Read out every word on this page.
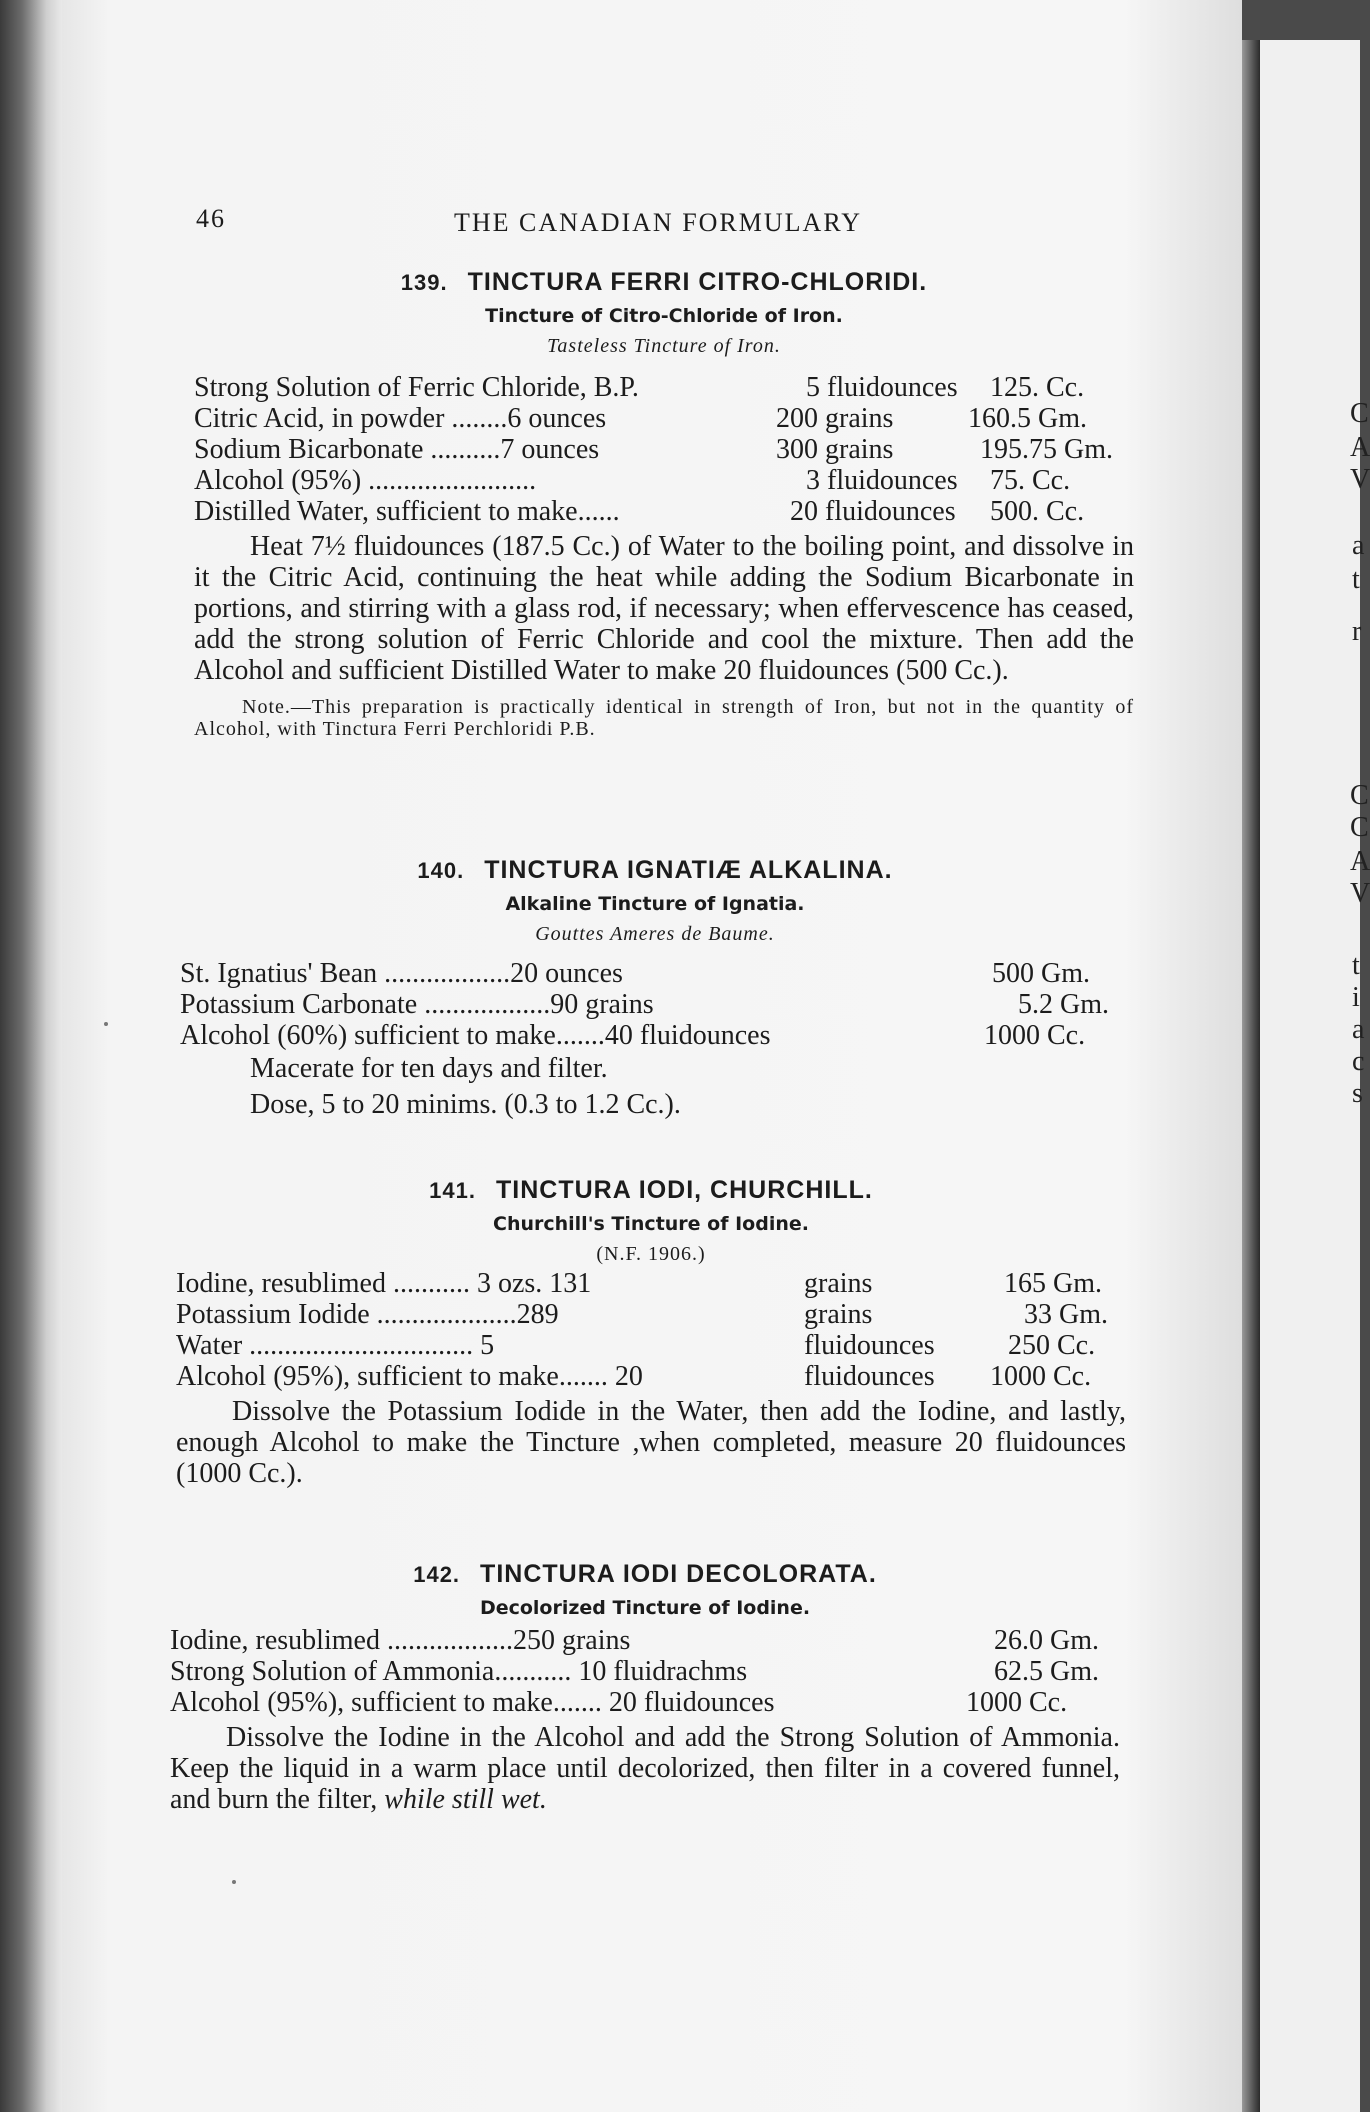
C
A
V
a
t
r
C
C
A
V
t
i
a
c
s
46	THE CANADIAN FORMULARY
139. TINCTURA FERRI CITRO-CHLORIDI.
Tincture of Citro-Chloride of Iron.
Tasteless Tincture of Iron.
Strong Solution of Ferric Chloride, B.P.	5 fluidounces 125. Cc.
Citric Acid, in powder ........6 ounces	200 grains	160.5 Gm.
Sodium Bicarbonate ..........7 ounces	300 grains	195.75 Gm.
Alcohol (95%) ........................	3 fluidounces 75. Cc.
Distilled Water, sufficient to make......	20 fluidounces 500. Cc.
Heat 7½ fluidounces (187.5 Cc.) of Water to the boiling point, and dissolve in it the Citric Acid, continuing the heat while adding the Sodium Bicarbonate in portions, and stirring with a glass rod, if necessary; when effervescence has ceased, add the strong solution of Ferric Chloride and cool the mixture. Then add the Alcohol and sufficient Distilled Water to make 20 fluidounces (500 Cc.).
Note.—This preparation is practically identical in strength of Iron, but not in the quantity of Alcohol, with Tinctura Ferri Perchloridi P.B.
140. TINCTURA IGNATIÆ ALKALINA.
Alkaline Tincture of Ignatia.
Gouttes Ameres de Baume.
St. Ignatius' Bean ..................20 ounces	500 Gm.
Potassium Carbonate ..................90 grains	5.2 Gm.
Alcohol (60%) sufficient to make.......40 fluidounces	1000 Cc.
Macerate for ten days and filter.
Dose, 5 to 20 minims. (0.3 to 1.2 Cc.).
141. TINCTURA IODI, CHURCHILL.
Churchill's Tincture of Iodine.
(N.F. 1906.)
Iodine, resublimed ........... 3 ozs. 131	grains	165 Gm.
Potassium Iodide ....................289	grains	33 Gm.
Water ................................ 5	fluidounces	250 Cc.
Alcohol (95%), sufficient to make....... 20	fluidounces 1000 Cc.
Dissolve the Potassium Iodide in the Water, then add the Iodine, and lastly, enough Alcohol to make the Tincture ,when completed, measure 20 fluidounces (1000 Cc.).
142. TINCTURA IODI DECOLORATA.
Decolorized Tincture of Iodine.
Iodine, resublimed ..................250 grains	26.0 Gm.
Strong Solution of Ammonia........... 10 fluidrachms	62.5 Gm.
Alcohol (95%), sufficient to make....... 20 fluidounces	1000 Cc.
Dissolve the Iodine in the Alcohol and add the Strong Solution of Ammonia. Keep the liquid in a warm place until decolorized, then filter in a covered funnel, and burn the filter, while still wet.
